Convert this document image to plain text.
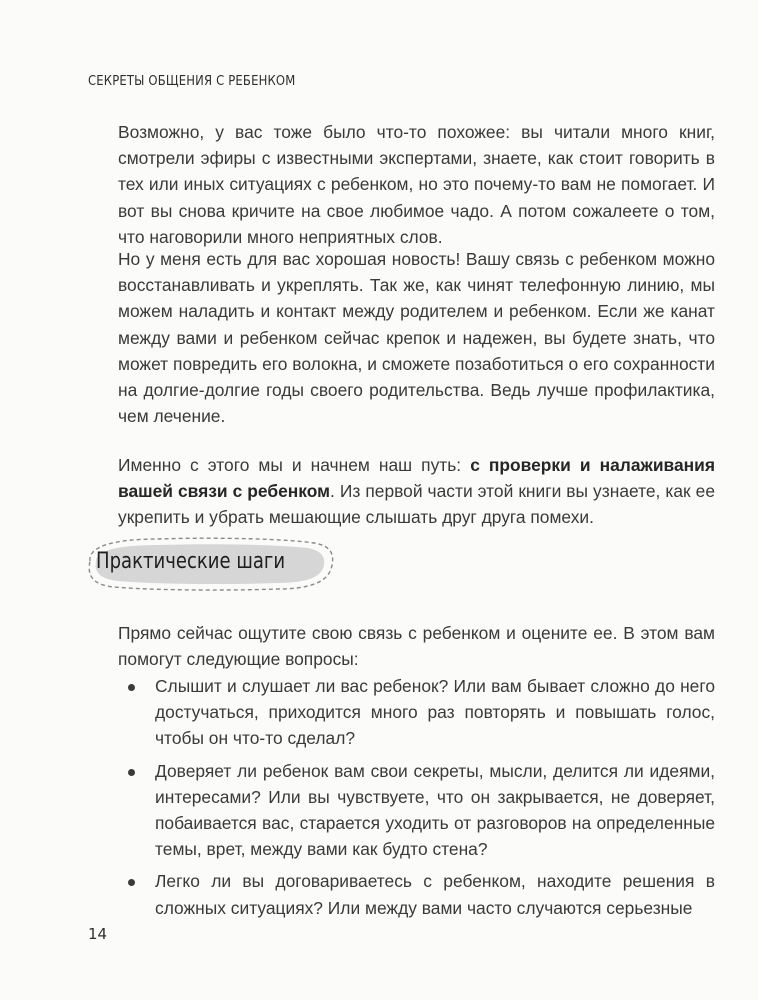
СЕКРЕТЫ ОБЩЕНИЯ С РЕБЕНКОМ

Возможно, у вас тоже было что-то похожее: вы читали много книг, смотрели эфиры с известными экспертами, знаете, как стоит говорить в тех или иных ситуациях с ребенком, но это почему-то вам не помогает. И вот вы снова кричите на свое любимое чадо. А потом сожалеете о том, что наговорили много неприятных слов.

Но у меня есть для вас хорошая новость! Вашу связь с ребенком можно восстанавливать и укреплять. Так же, как чинят телефонную линию, мы можем наладить и контакт между родителем и ребенком. Если же канат между вами и ребенком сейчас крепок и надежен, вы будете знать, что может повредить его волокна, и сможете позаботиться о его сохранности на долгие-долгие годы своего родительства. Ведь лучше профилактика, чем лечение.

Именно с этого мы и начнем наш путь: с проверки и налаживания вашей связи с ребенком. Из первой части этой книги вы узнаете, как ее укрепить и убрать мешающие слышать друг друга помехи.

Практические шаги

Прямо сейчас ощутите свою связь с ребенком и оцените ее. В этом вам помогут следующие вопросы:

Слышит и слушает ли вас ребенок? Или вам бывает сложно до него достучаться, приходится много раз повторять и повышать голос, чтобы он что-то сделал?
Доверяет ли ребенок вам свои секреты, мысли, делится ли идеями, интересами? Или вы чувствуете, что он закрывается, не доверяет, побаивается вас, старается уходить от разговоров на определенные темы, врет, между вами как будто стена?
Легко ли вы договариваетесь с ребенком, находите решения в сложных ситуациях? Или между вами часто случаются серьезные
14
